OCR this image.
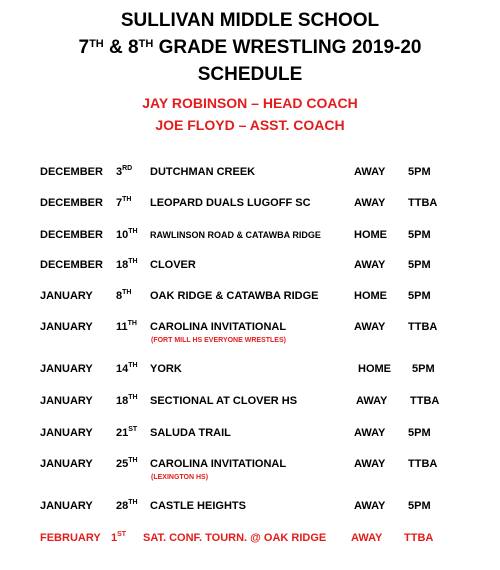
SULLIVAN MIDDLE SCHOOL
7TH & 8TH GRADE WRESTLING 2019-20
SCHEDULE
JAY ROBINSON – HEAD COACH
JOE FLOYD – ASST. COACH
DECEMBER 3RD DUTCHMAN CREEK	AWAY 5PM
DECEMBER 7TH LEOPARD DUALS LUGOFF SC	AWAY TTBA
DECEMBER 10TH RAWLINSON ROAD & CATAWBA RIDGE	HOME 5PM
DECEMBER 18TH CLOVER	AWAY 5PM
JANUARY 8TH OAK RIDGE & CATAWBA RIDGE	HOME 5PM
JANUARY 11TH CAROLINA INVITATIONAL	AWAY TTBA
(FORT MILL HS EVERYONE WRESTLES)
JANUARY 14TH YORK	HOME 5PM
JANUARY 18TH SECTIONAL AT CLOVER HS	AWAY TTBA
JANUARY 21ST SALUDA TRAIL	AWAY 5PM
JANUARY 25TH CAROLINA INVITATIONAL	AWAY TTBA
(LEXINGTON HS)
JANUARY 28TH CASTLE HEIGHTS	AWAY 5PM
FEBRUARY 1ST SAT. CONF. TOURN. @ OAK RIDGE AWAY TTBA
